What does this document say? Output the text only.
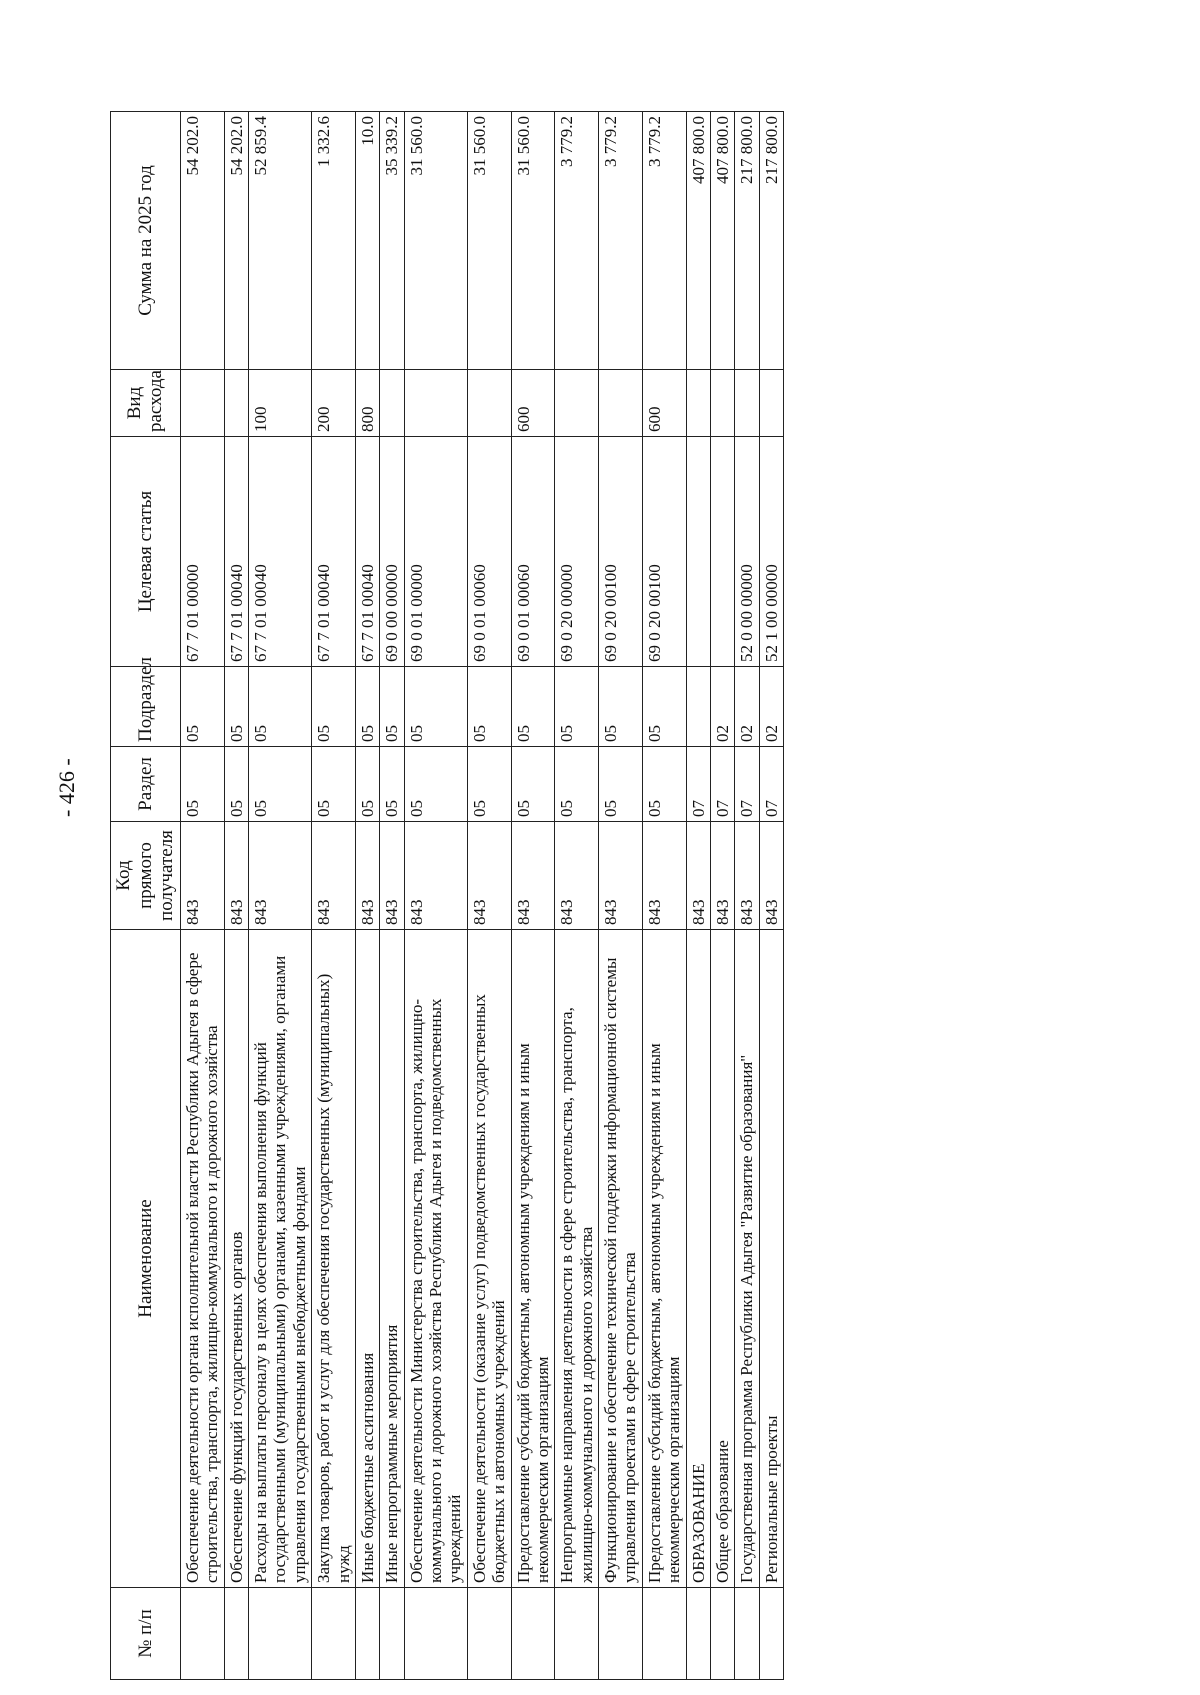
- 426 -
№ п/п	Наименование	Код прямого получателя	Раздел	Подраздел	Целевая статья	Вид расхода	Сумма на 2025 год
	Обеспечение деятельности органа исполнительной власти Республики Адыгея в сфере строительства, транспорта, жилищно-коммунального и дорожного хозяйства	843	05	05	67 7 01 00000		54 202.0
	Обеспечение функций государственных органов	843	05	05	67 7 01 00040		54 202.0
	Расходы на выплаты персоналу в целях обеспечения выполнения функций государственными (муниципальными) органами, казенными учреждениями, органами управления государственными внебюджетными фондами	843	05	05	67 7 01 00040	100	52 859.4
	Закупка товаров, работ и услуг для обеспечения государственных (муниципальных) нужд	843	05	05	67 7 01 00040	200	1 332.6
	Иные бюджетные ассигнования	843	05	05	67 7 01 00040	800	10.0
	Иные непрограммные мероприятия	843	05	05	69 0 00 00000		35 339.2
	Обеспечение деятельности Министерства строительства, транспорта, жилищно-коммунального и дорожного хозяйства Республики Адыгея и подведомственных учреждений	843	05	05	69 0 01 00000		31 560.0
	Обеспечение деятельности (оказание услуг) подведомственных государственных бюджетных и автономных учреждений	843	05	05	69 0 01 00060		31 560.0
	Предоставление субсидий бюджетным, автономным учреждениям и иным некоммерческим организациям	843	05	05	69 0 01 00060	600	31 560.0
	Непрограммные направления деятельности в сфере строительства, транспорта, жилищно-коммунального и дорожного хозяйства	843	05	05	69 0 20 00000		3 779.2
	Функционирование и обеспечение технической поддержки информационной системы управления проектами в сфере строительства	843	05	05	69 0 20 00100		3 779.2
	Предоставление субсидий бюджетным, автономным учреждениям и иным некоммерческим организациям	843	05	05	69 0 20 00100	600	3 779.2
	ОБРАЗОВАНИЕ	843	07				407 800.0
	Общее образование	843	07	02			407 800.0
	Государственная программа Республики Адыгея "Развитие образования"	843	07	02	52 0 00 00000		217 800.0
	Региональные проекты	843	07	02	52 1 00 00000		217 800.0
